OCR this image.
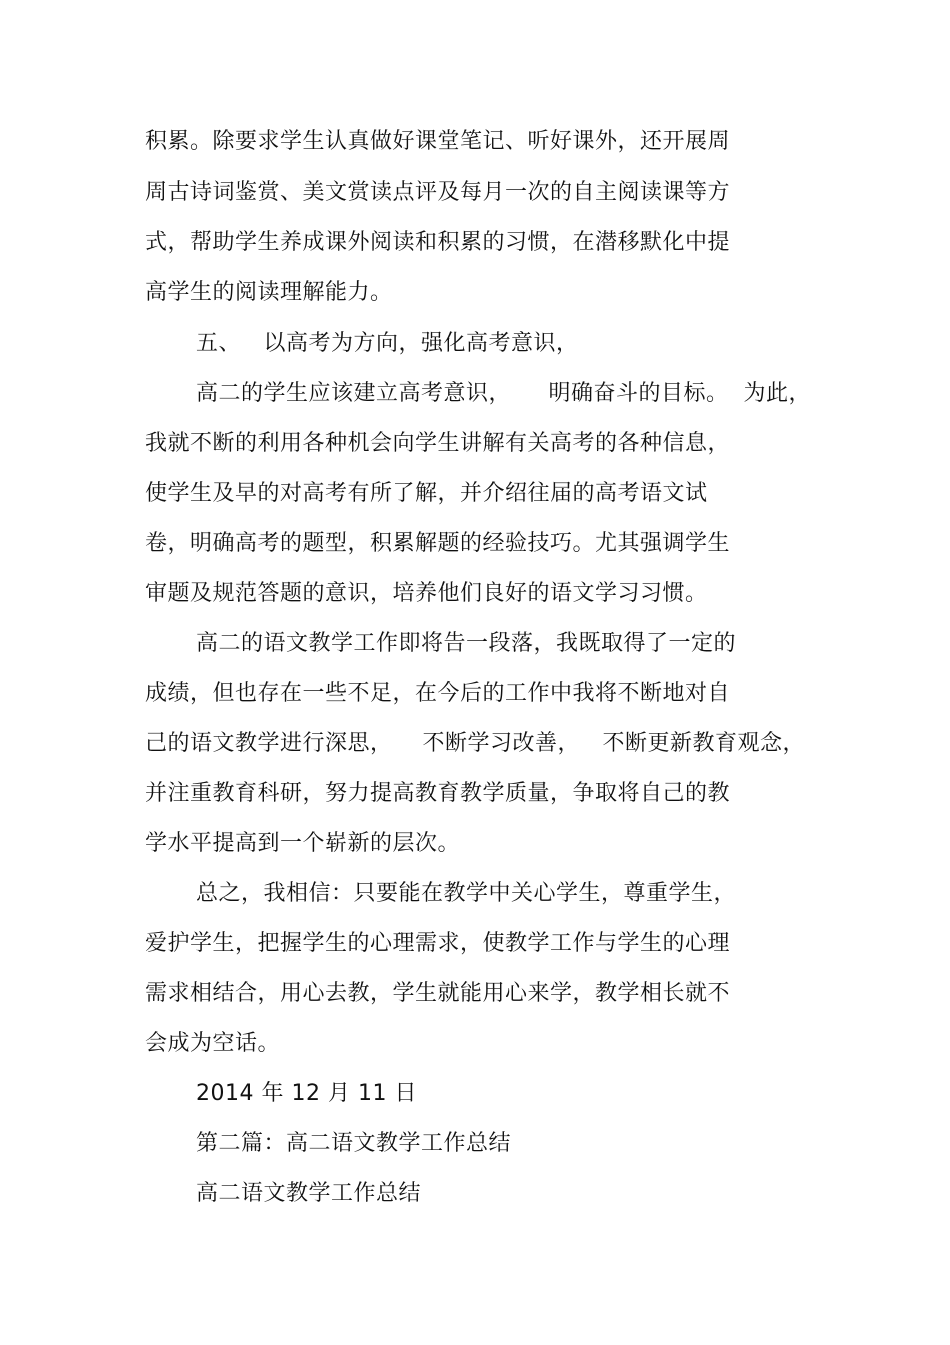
积累。除要求学生认真做好课堂笔记、听好课外，还开展周
周古诗词鉴赏、美文赏读点评及每月一次的自主阅读课等方
式，帮助学生养成课外阅读和积累的习惯，在潜移默化中提
高学生的阅读理解能力。
五、   以高考为方向，强化高考意识，
高二的学生应该建立高考意识，     明确奋斗的目标。  为此，
我就不断的利用各种机会向学生讲解有关高考的各种信息，
使学生及早的对高考有所了解，并介绍往届的高考语文试
卷，明确高考的题型，积累解题的经验技巧。尤其强调学生
审题及规范答题的意识，培养他们良好的语文学习习惯。
高二的语文教学工作即将告一段落，我既取得了一定的
成绩，但也存在一些不足，在今后的工作中我将不断地对自
己的语文教学进行深思，    不断学习改善，   不断更新教育观念，
并注重教育科研，努力提高教育教学质量，争取将自己的教
学水平提高到一个崭新的层次。
总之，我相信：只要能在教学中关心学生，尊重学生，
爱护学生，把握学生的心理需求，使教学工作与学生的心理
需求相结合，用心去教，学生就能用心来学，教学相长就不
会成为空话。
2014 年 12 月 11 日
第二篇：高二语文教学工作总结
高二语文教学工作总结
